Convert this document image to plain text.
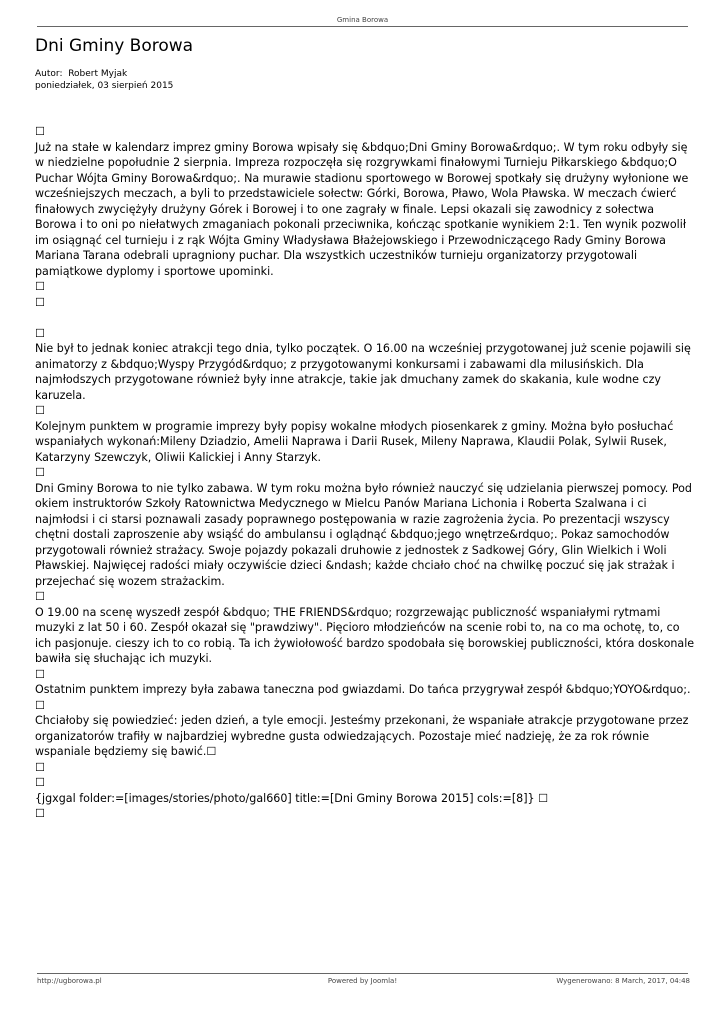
Gmina Borowa
Dni Gminy Borowa
Autor:  Robert Myjak
poniedziałek, 03 sierpień 2015
☐

Już na stałe w kalendarz imprez gminy Borowa wpisały się &bdquo;Dni Gminy Borowa&rdquo;. W tym roku odbyły się w niedzielne popołudnie 2 sierpnia. Impreza rozpoczęła się rozgrywkami finałowymi Turnieju Piłkarskiego &bdquo;O Puchar Wójta Gminy Borowa&rdquo;. Na murawie stadionu sportowego w Borowej spotkały się drużyny wyłonione we wcześniejszych meczach, a byli to przedstawiciele sołectw: Górki, Borowa, Pławo, Wola Pławska. W meczach ćwierć finałowych zwyciężyły drużyny Górek i Borowej i to one zagrały w finale. Lepsi okazali się zawodnicy z sołectwa Borowa i to oni po niełatwych zmaganiach pokonali przeciwnika, kończąc spotkanie wynikiem 2:1. Ten wynik pozwolił im osiągnąć cel turnieju i z rąk Wójta Gminy Władysława Błażejowskiego i Przewodniczącego Rady Gminy Borowa Mariana Tarana odebrali upragniony puchar. Dla wszystkich uczestników turnieju organizatorzy przygotowali pamiątkowe dyplomy i sportowe upominki.

☐
☐
☐

Nie był to jednak koniec atrakcji tego dnia, tylko początek. O 16.00 na wcześniej przygotowanej już scenie pojawili się animatorzy z &bdquo;Wyspy Przygód&rdquo; z przygotowanymi konkursami i zabawami dla milusińskich. Dla najmłodszych przygotowane również były inne atrakcje, takie jak dmuchany zamek do skakania, kule wodne czy karuzela.

☐

Kolejnym punktem w programie imprezy były popisy wokalne młodych piosenkarek z gminy. Można było posłuchać wspaniałych wykonań:Mileny Dziadzio, Amelii Naprawa i Darii Rusek, Mileny Naprawa, Klaudii Polak, Sylwii Rusek, Katarzyny Szewczyk, Oliwii Kalickiej i Anny Starzyk.

☐

Dni Gminy Borowa to nie tylko zabawa. W tym roku można było również nauczyć się udzielania pierwszej pomocy. Pod okiem instruktorów Szkoły Ratownictwa Medycznego w Mielcu Panów Mariana Lichonia i Roberta Szalwana i ci najmłodsi i ci starsi poznawali zasady poprawnego postępowania w razie zagrożenia życia. Po prezentacji wszyscy chętni dostali zaproszenie aby wsiąść do ambulansu i oglądnąć &bdquo;jego wnętrze&rdquo;. Pokaz samochodów przygotowali również strażacy. Swoje pojazdy pokazali druhowie z jednostek z Sadkowej Góry, Glin Wielkich i Woli Pławskiej. Najwięcej radości miały oczywiście dzieci &ndash; każde chciało choć na chwilkę poczuć się jak strażak i przejechać się wozem strażackim.

☐

O 19.00 na scenę wyszedł zespół &bdquo; THE FRIENDS&rdquo; rozgrzewając publiczność wspaniałymi rytmami muzyki z lat 50 i 60. Zespół okazał się "prawdziwy". Pięcioro młodzieńców na scenie robi to, na co ma ochotę, to, co ich pasjonuje. cieszy ich to co robią. Ta ich żywiołowość bardzo spodobała się borowskiej publiczności, która doskonale bawiła się słuchając ich muzyki.

☐

Ostatnim punktem imprezy była zabawa taneczna pod gwiazdami. Do tańca przygrywał zespół &bdquo;YOYO&rdquo;.

☐

Chciałoby się powiedzieć: jeden dzień, a tyle emocji. Jesteśmy przekonani, że wspaniałe atrakcje przygotowane przez organizatorów trafiły w najbardziej wybredne gusta odwiedzających. Pozostaje mieć nadzieję, że za rok równie wspaniale będziemy się bawić.☐

☐
☐

{jgxgal folder:=[images/stories/photo/gal660] title:=[Dni Gminy Borowa 2015] cols:=[8]} ☐

☐
http://ugborowa.pl	Powered by Joomla!	Wygenerowano: 8 March, 2017, 04:48
